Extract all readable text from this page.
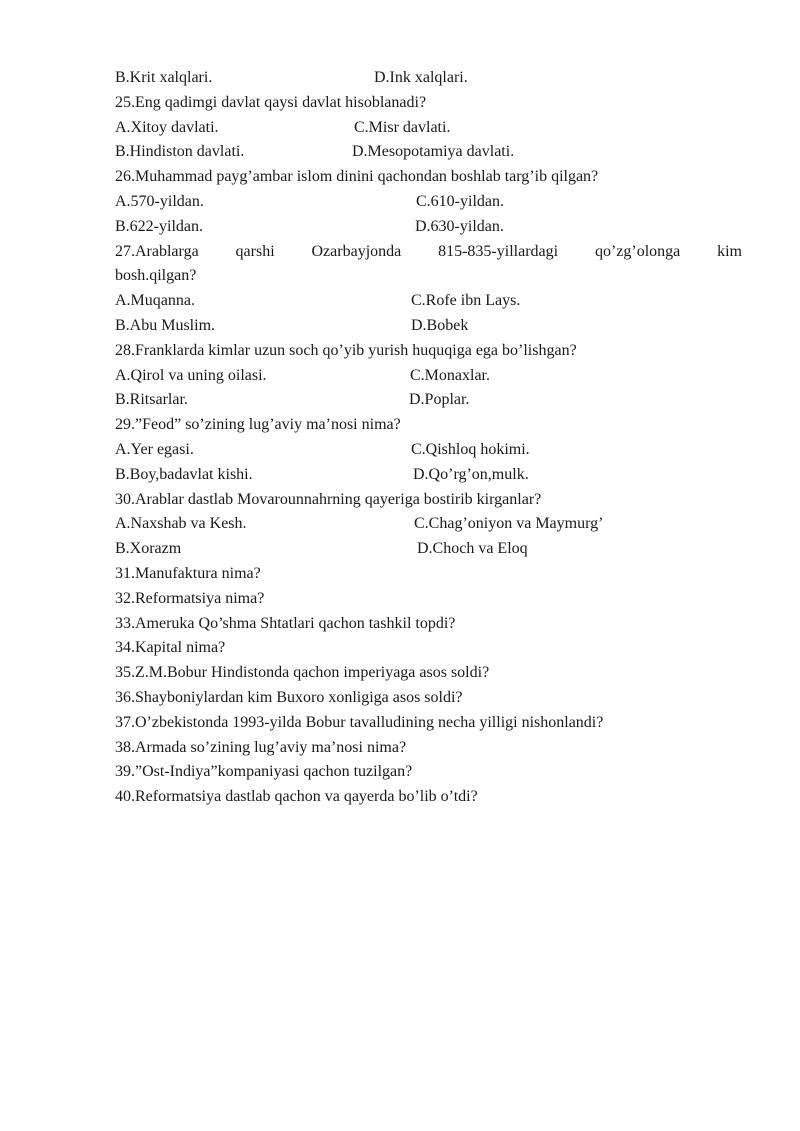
B.Krit xalqlari.	D.Ink xalqlari.
25.Eng qadimgi davlat qaysi davlat hisoblanadi?
A.Xitoy davlati.	C.Misr davlati.
B.Hindiston davlati.	D.Mesopotamiya davlati.
26.Muhammad payg’ambar islom dinini qachondan boshlab targ’ib qilgan?
A.570-yildan.	C.610-yildan.
B.622-yildan.	D.630-yildan.
27.Arablarga qarshi Ozarbayjonda 815-835-yillardagi qo’zg’olonga kim
bosh.qilgan?
A.Muqanna.	C.Rofe ibn Lays.
B.Abu Muslim.	D.Bobek
28.Franklarda kimlar uzun soch qo’yib yurish huquqiga ega bo’lishgan?
A.Qirol va uning oilasi.	C.Monaxlar.
B.Ritsarlar.	D.Poplar.
29.”Feod” so’zining lug’aviy ma’nosi nima?
A.Yer egasi.	C.Qishloq hokimi.
B.Boy,badavlat kishi.	D.Qo’rg’on,mulk.
30.Arablar dastlab Movarounnahrning qayeriga bostirib kirganlar?
A.Naxshab va Kesh.	C.Chag’oniyon va Maymurg’
B.Xorazm	D.Choch va Eloq
31.Manufaktura nima?
32.Reformatsiya nima?
33.Ameruka Qo’shma Shtatlari qachon tashkil topdi?
34.Kapital nima?
35.Z.M.Bobur Hindistonda qachon imperiyaga asos soldi?
36.Shayboniylardan kim Buxoro xonligiga asos soldi?
37.O’zbekistonda 1993-yilda Bobur tavalludining necha yilligi nishonlandi?
38.Armada so’zining lug’aviy ma’nosi nima?
39.”Ost-Indiya”kompaniyasi qachon tuzilgan?
40.Reformatsiya dastlab qachon va qayerda bo’lib o’tdi?
